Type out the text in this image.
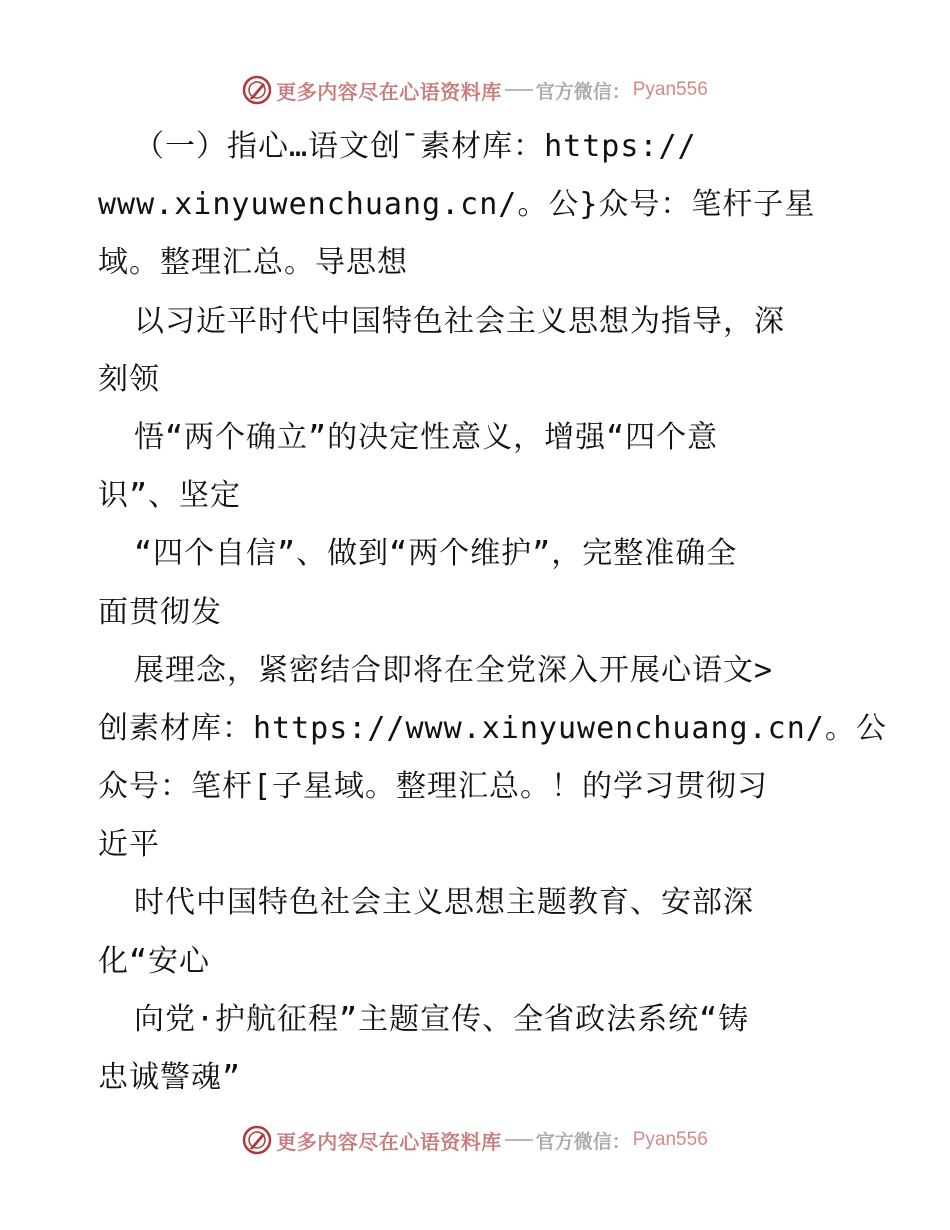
更多内容尽在心语资料库 官方微信： Pyan556
（一）指心…语文创¯素材库：https://
www.xinyuwenchuang.cn/。公}众号：笔杆子星
域。整理汇总。导思想
以习近平时代中国特色社会主义思想为指导，深
刻领
悟“两个确立”的决定性意义，增强“四个意
识”、坚定
“四个自信”、做到“两个维护”，完整准确全
面贯彻发
展理念，紧密结合即将在全党深入开展心语文>
创素材库：https://www.xinyuwenchuang.cn/。公
众号：笔杆[子星域。整理汇总。！的学习贯彻习
近平
时代中国特色社会主义思想主题教育、安部深
化“安心
向党·护航征程”主题宣传、全省政法系统“铸
忠诚警魂”
更多内容尽在心语资料库 官方微信： Pyan556
